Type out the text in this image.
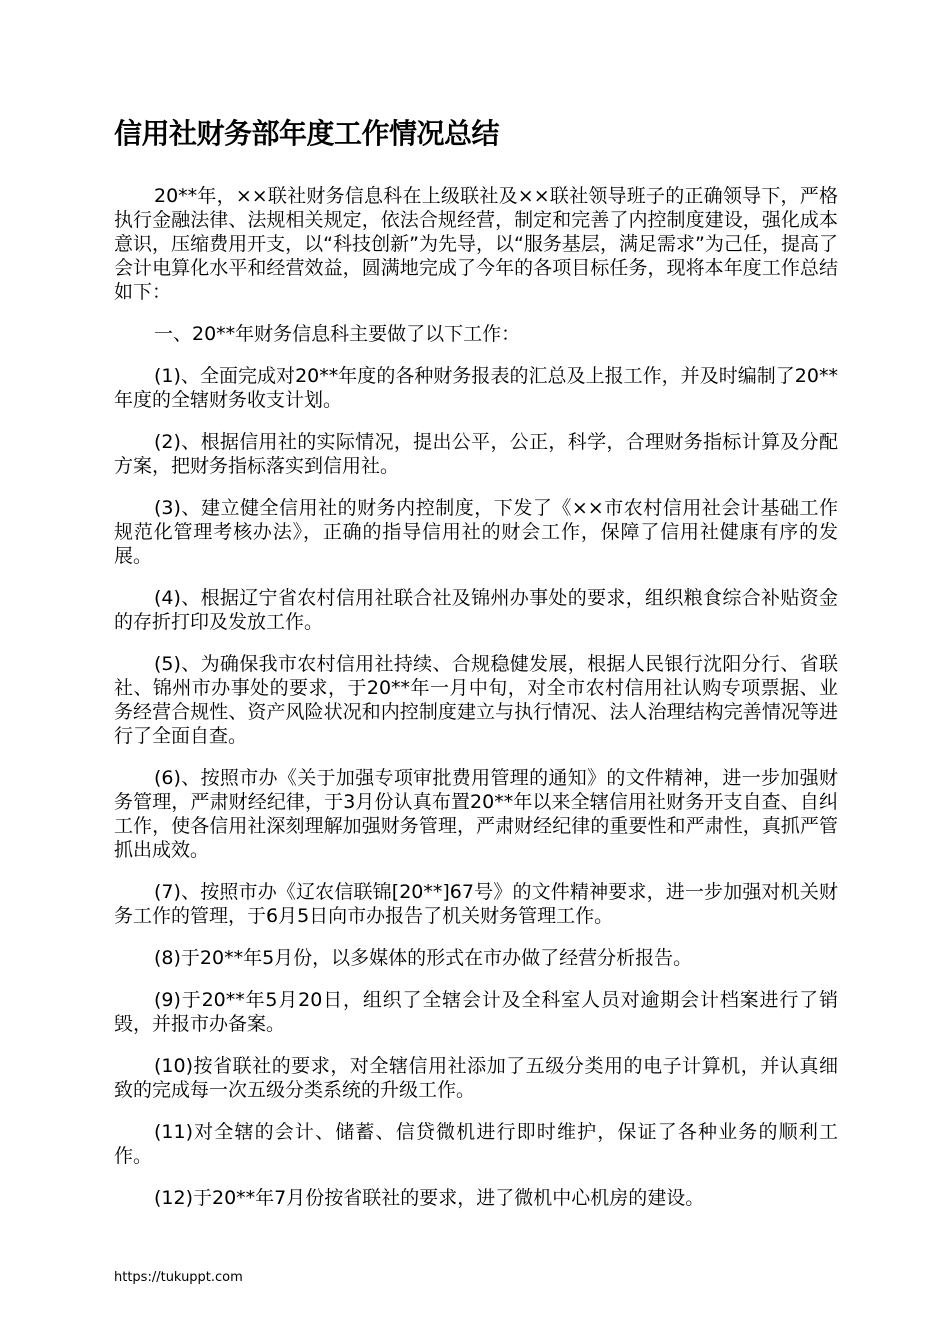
信用社财务部年度工作情况总结

20**年，××联社财务信息科在上级联社及××联社领导班子的正确领导下，严格执行金融法律、法规相关规定，依法合规经营，制定和完善了内控制度建设，强化成本意识，压缩费用开支，以“科技创新”为先导，以“服务基层，满足需求”为己任，提高了会计电算化水平和经营效益，圆满地完成了今年的各项目标任务，现将本年度工作总结如下：

一、20**年财务信息科主要做了以下工作：

(1)、全面完成对20**年度的各种财务报表的汇总及上报工作，并及时编制了20**年度的全辖财务收支计划。

(2)、根据信用社的实际情况，提出公平，公正，科学，合理财务指标计算及分配方案，把财务指标落实到信用社。

(3)、建立健全信用社的财务内控制度，下发了《××市农村信用社会计基础工作规范化管理考核办法》，正确的指导信用社的财会工作，保障了信用社健康有序的发展。

(4)、根据辽宁省农村信用社联合社及锦州办事处的要求，组织粮食综合补贴资金的存折打印及发放工作。

(5)、为确保我市农村信用社持续、合规稳健发展，根据人民银行沈阳分行、省联社、锦州市办事处的要求，于20**年一月中旬，对全市农村信用社认购专项票据、业务经营合规性、资产风险状况和内控制度建立与执行情况、法人治理结构完善情况等进行了全面自查。

(6)、按照市办《关于加强专项审批费用管理的通知》的文件精神，进一步加强财务管理，严肃财经纪律，于3月份认真布置20**年以来全辖信用社财务开支自查、自纠工作，使各信用社深刻理解加强财务管理，严肃财经纪律的重要性和严肃性，真抓严管抓出成效。

(7)、按照市办《辽农信联锦[20**]67号》的文件精神要求，进一步加强对机关财务工作的管理，于6月5日向市办报告了机关财务管理工作。

(8)于20**年5月份，以多媒体的形式在市办做了经营分析报告。

(9)于20**年5月20日，组织了全辖会计及全科室人员对逾期会计档案进行了销毁，并报市办备案。

(10)按省联社的要求，对全辖信用社添加了五级分类用的电子计算机，并认真细致的完成每一次五级分类系统的升级工作。

(11)对全辖的会计、储蓄、信贷微机进行即时维护，保证了各种业务的顺利工作。

(12)于20**年7月份按省联社的要求，进了微机中心机房的建设。

https://tukuppt.com
